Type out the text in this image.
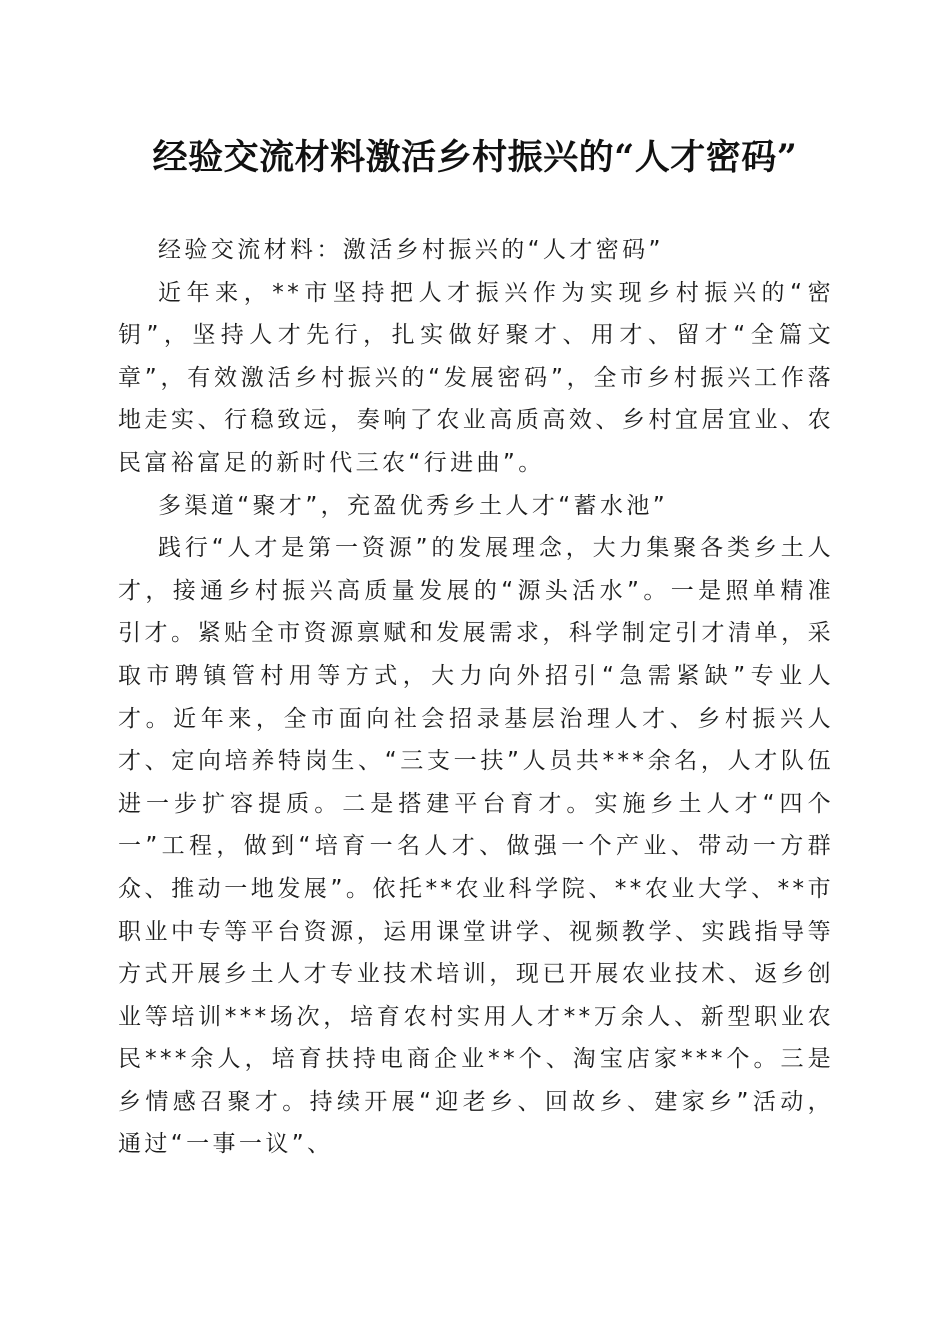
经验交流材料激活乡村振兴的“人才密码”

经验交流材料：激活乡村振兴的“人才密码”

近年来，**市坚持把人才振兴作为实现乡村振兴的“密钥”，坚持人才先行，扎实做好聚才、用才、留才“全篇文章”，有效激活乡村振兴的“发展密码”，全市乡村振兴工作落地走实、行稳致远，奏响了农业高质高效、乡村宜居宜业、农民富裕富足的新时代三农“行进曲”。

多渠道“聚才”，充盈优秀乡土人才“蓄水池”

践行“人才是第一资源”的发展理念，大力集聚各类乡土人才，接通乡村振兴高质量发展的“源头活水”。一是照单精准引才。紧贴全市资源禀赋和发展需求，科学制定引才清单，采取市聘镇管村用等方式，大力向外招引“急需紧缺”专业人才。近年来，全市面向社会招录基层治理人才、乡村振兴人才、定向培养特岗生、“三支一扶”人员共***余名，人才队伍进一步扩容提质。二是搭建平台育才。实施乡土人才“四个一”工程，做到“培育一名人才、做强一个产业、带动一方群众、推动一地发展”。依托**农业科学院、**农业大学、**市职业中专等平台资源，运用课堂讲学、视频教学、实践指导等方式开展乡土人才专业技术培训，现已开展农业技术、返乡创业等培训***场次，培育农村实用人才**万余人、新型职业农民***余人，培育扶持电商企业**个、淘宝店家***个。三是乡情感召聚才。持续开展“迎老乡、回故乡、建家乡”活动，通过“一事一议”、
